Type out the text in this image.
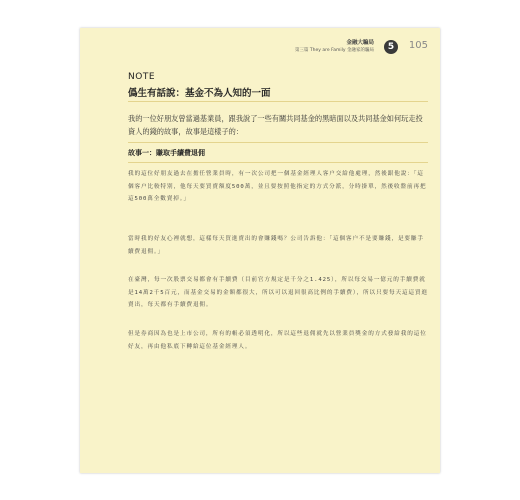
金融大騙局
第三篇 They are Family 金融家的騙局	5	105
NOTE
僞生有話說：基金不為人知的一面
我的一位好朋友曾當過基業員，跟我說了一些有關共同基金的黑暗面以及共同基金如何玩走投資人的錢的故事，故事是這樣子的：
故事一：賺取手續費退佣
我的這位好朋友過去在擔任營業員時，有一次公司把一個基金經理人客户交給他處理，然後跟他說：「這個客户比較特別，他每天要買賣額度500萬，並且要按照他指定的方式分派，分時掛單，然後收盤前再把這500萬全數賣掉。」
當時我的好友心裡就想，這樣每天買進賣出的會賺錢嗎？公司告訴他：「這個客户不是要賺錢，是要賺手續費退佣。」
在臺灣，每一次股票交易都會有手續費（目前官方規定是千分之1.425），所以每交易一億元的手續費就是14萬2千5百元，而基金交易的金額都很大，所以可以退回很高比例的手續費），所以只要每天這這買進賣出，每天都有手續費退佣。
但是券商因為也是上市公司，所有的帳必須透明化，所以這些退佣就先以營業員獎金的方式發給我的這位好友，再由他私底下轉給這位基金經理人。
